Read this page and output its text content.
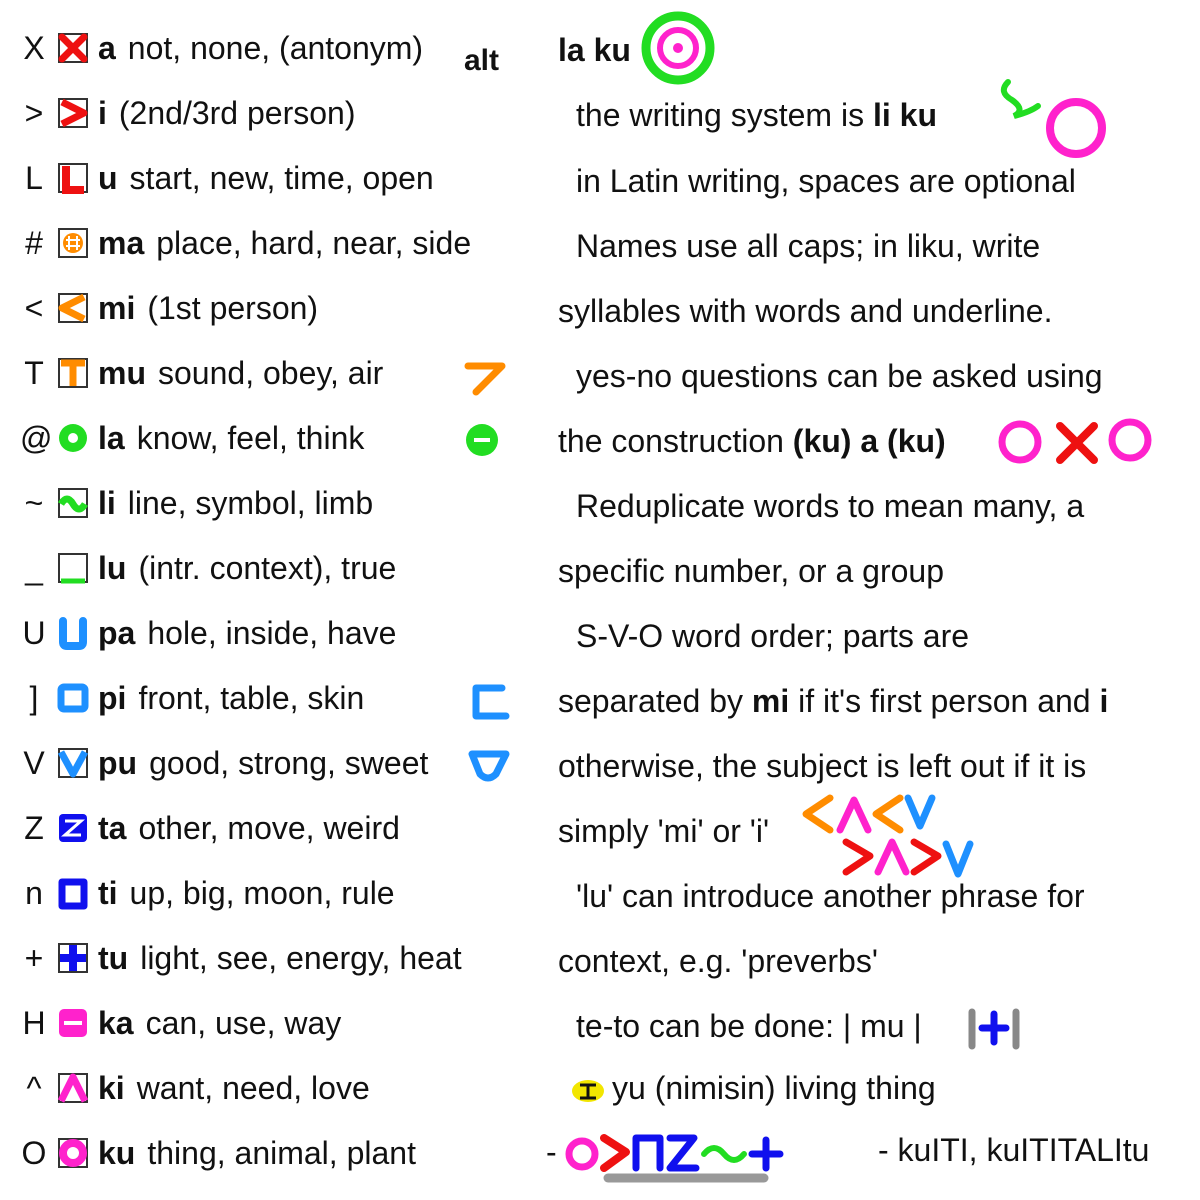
X a not, none, (antonym)
> i (2nd/3rd person)
L u start, new, time, open
# ma place, hard, near, side
< mi (1st person)
T mu sound, obey, air
@ la know, feel, think
~ li line, symbol, limb
_ lu (intr. context), true
U pa hole, inside, have
] pi front, table, skin
V pu good, strong, sweet
Z ta other, move, weird
n ti up, big, moon, rule
+ tu light, see, energy, heat
H ka can, use, way
^ ki want, need, love
O ku thing, animal, plant
alt la ku
the writing system is li ku
in Latin writing, spaces are optional
Names use all caps; in liku, write
syllables with words and underline.
yes-no questions can be asked using
the construction (ku) a (ku)
Reduplicate words to mean many, a
specific number, or a group
S-V-O word order; parts are
separated by mi if it's first person and i
otherwise, the subject is left out if it is
simply 'mi' or 'i'
'lu' can introduce another phrase for
context, e.g. 'preverbs'
te-to can be done: | mu |
yu (nimisin) living thing
-	- kuITI, kuITITALItu
